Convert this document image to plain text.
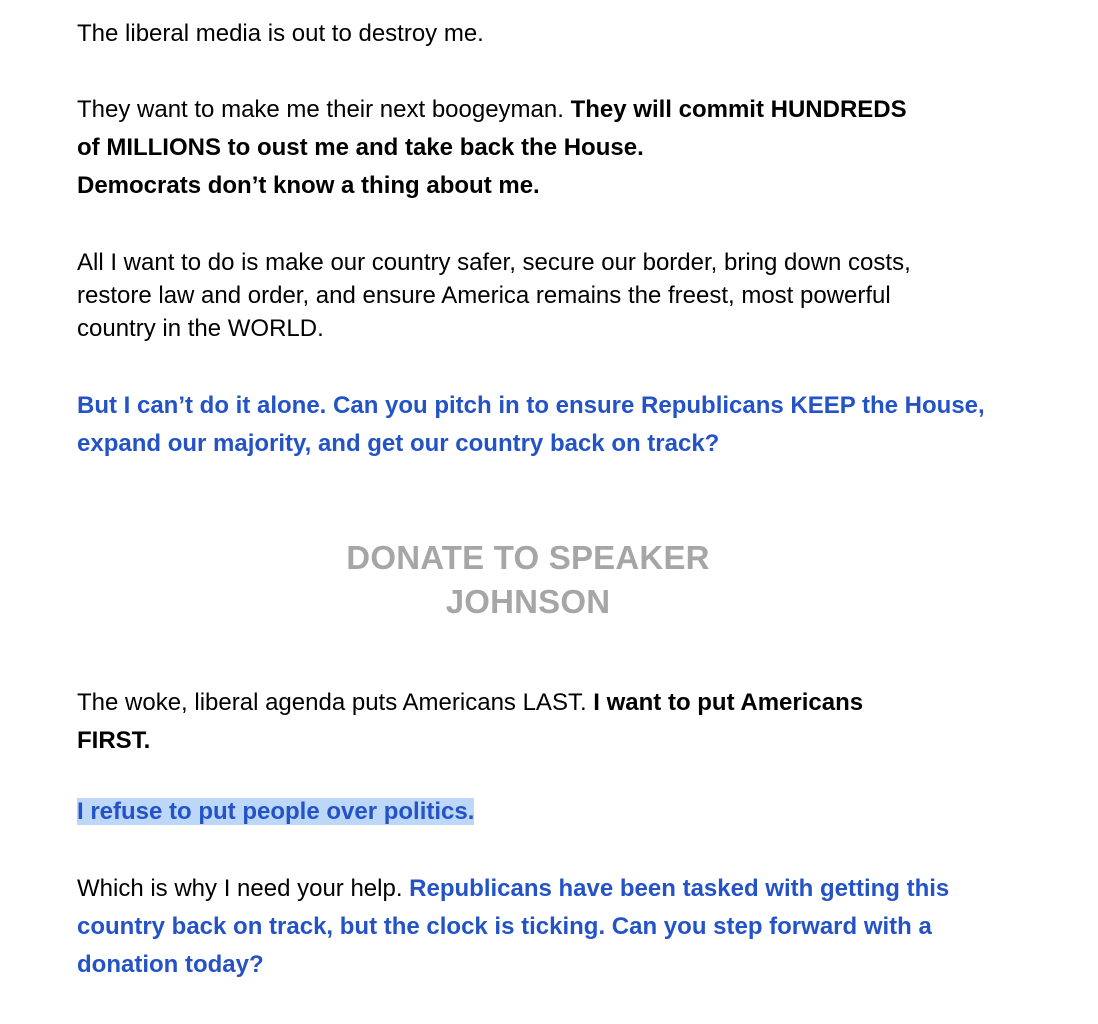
The liberal media is out to destroy me.

They want to make me their next boogeyman. They will commit HUNDREDS
of MILLIONS to oust me and take back the House.
Democrats don’t know a thing about me.

All I want to do is make our country safer, secure our border, bring down costs,
restore law and order, and ensure America remains the freest, most powerful
country in the WORLD.

But I can’t do it alone. Can you pitch in to ensure Republicans KEEP the House,
expand our majority, and get our country back on track?

DONATE TO SPEAKER
JOHNSON

The woke, liberal agenda puts Americans LAST. I want to put Americans
FIRST.

I refuse to put people over politics.

Which is why I need your help. Republicans have been tasked with getting this
country back on track, but the clock is ticking. Can you step forward with a
donation today?
